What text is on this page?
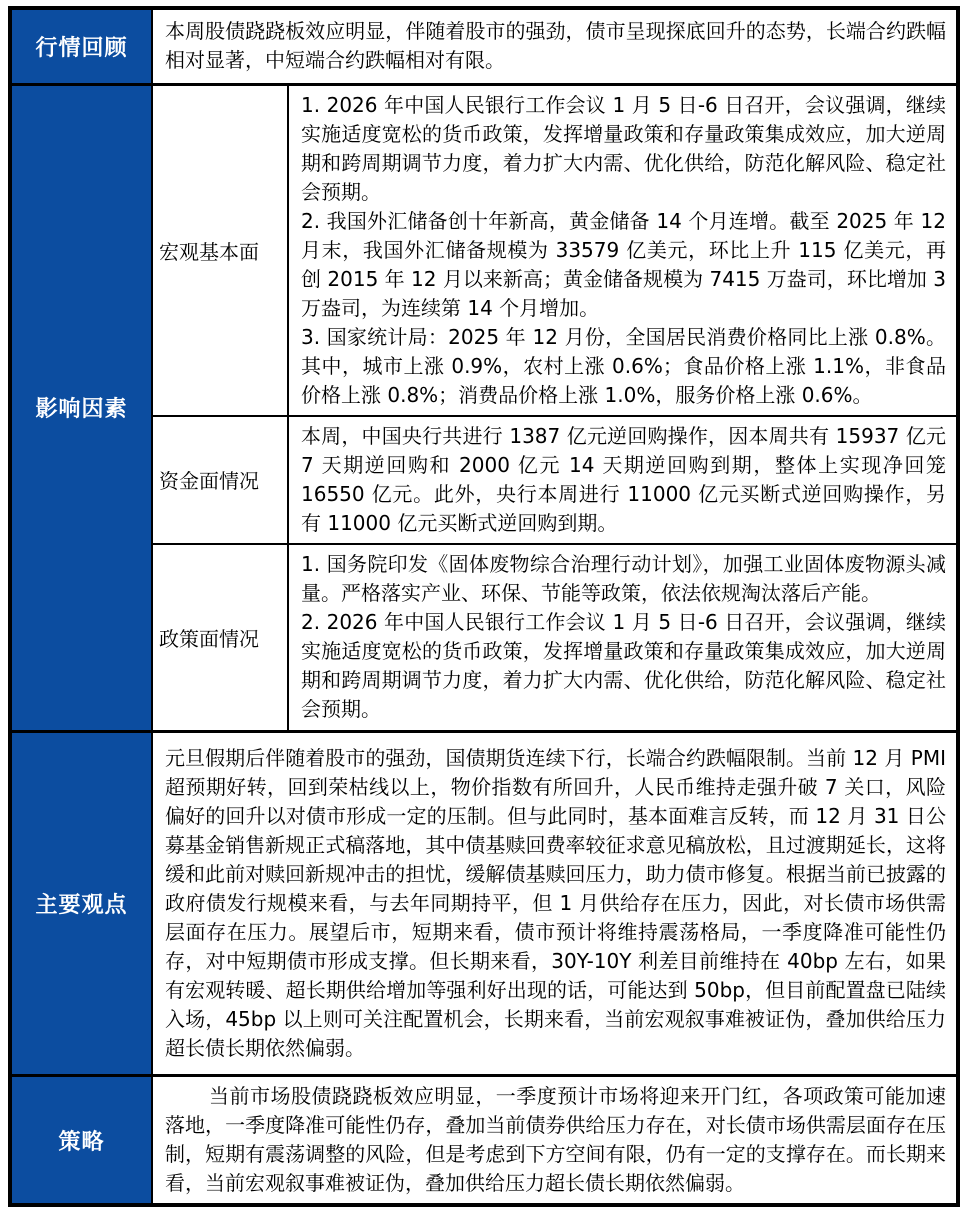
行情回顾	本周股债跷跷板效应明显，伴随着股市的强劲，债市呈现探底回升的态势，长端合约跌幅相对显著，中短端合约跌幅相对有限。	
影响因素	宏观基本面	1. 2026 年中国人民银行工作会议 1 月 5 日-6 日召开，会议强调，继续实施适度宽松的货币政策，发挥增量政策和存量政策集成效应，加大逆周期和跨周期调节力度，着力扩大内需、优化供给，防范化解风险、稳定社会预期。

2. 我国外汇储备创十年新高，黄金储备 14 个月连增。截至 2025 年 12 月末，我国外汇储备规模为 33579 亿美元，环比上升 115 亿美元，再创 2015 年 12 月以来新高；黄金储备规模为 7415 万盎司，环比增加 3 万盎司，为连续第 14 个月增加。

3. 国家统计局：2025 年 12 月份，全国居民消费价格同比上涨 0.8%。其中，城市上涨 0.9%，农村上涨 0.6%；食品价格上涨 1.1%，非食品价格上涨 0.8%；消费品价格上涨 1.0%，服务价格上涨 0.6%。

	资金面情况	本周，中国央行共进行 1387 亿元逆回购操作，因本周共有 15937 亿元 7 天期逆回购和 2000 亿元 14 天期逆回购到期，整体上实现净回笼 16550 亿元。此外，央行本周进行 11000 亿元买断式逆回购操作，另有 11000 亿元买断式逆回购到期。
	政策面情况	1. 国务院印发《固体废物综合治理行动计划》，加强工业固体废物源头减量。严格落实产业、环保、节能等政策，依法依规淘汰落后产能。

2. 2026 年中国人民银行工作会议 1 月 5 日-6 日召开，会议强调，继续实施适度宽松的货币政策，发挥增量政策和存量政策集成效应，加大逆周期和跨周期调节力度，着力扩大内需、优化供给，防范化解风险、稳定社会预期。

主要观点	元旦假期后伴随着股市的强劲，国债期货连续下行，长端合约跌幅限制。当前 12 月 PMI 超预期好转，回到荣枯线以上，物价指数有所回升，人民币维持走强升破 7 关口，风险偏好的回升以对债市形成一定的压制。但与此同时，基本面难言反转，而 12 月 31 日公募基金销售新规正式稿落地，其中债基赎回费率较征求意见稿放松，且过渡期延长，这将缓和此前对赎回新规冲击的担忧，缓解债基赎回压力，助力债市修复。根据当前已披露的政府债发行规模来看，与去年同期持平，但 1 月供给存在压力，因此，对长债市场供需层面存在压力。展望后市，短期来看，债市预计将维持震荡格局，一季度降准可能性仍存，对中短期债市形成支撑。但长期来看，30Y-10Y 利差目前维持在 40bp 左右，如果有宏观转暖、超长期供给增加等强利好出现的话，可能达到 50bp，但目前配置盘已陆续入场，45bp 以上则可关注配置机会，长期来看，当前宏观叙事难被证伪，叠加供给压力超长债长期依然偏弱。	
策略	当前市场股债跷跷板效应明显，一季度预计市场将迎来开门红，各项政策可能加速落地，一季度降准可能性仍存，叠加当前债券供给压力存在，对长债市场供需层面存在压制，短期有震荡调整的风险，但是考虑到下方空间有限，仍有一定的支撑存在。而长期来看，当前宏观叙事难被证伪，叠加供给压力超长债长期依然偏弱。	
